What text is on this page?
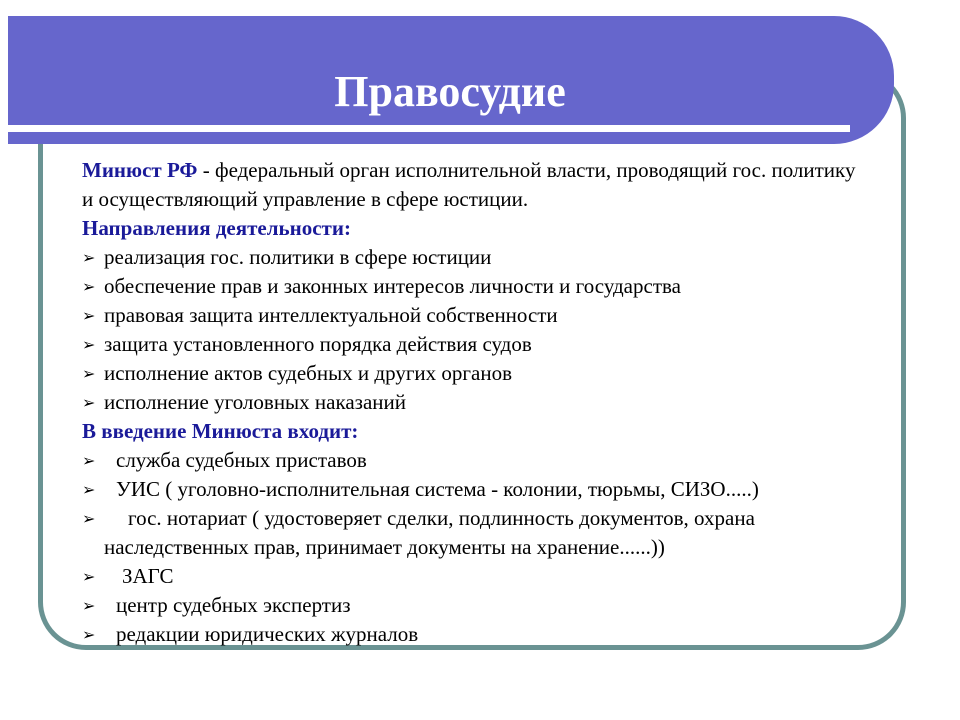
Правосудие

Минюст РФ - федеральный орган исполнительной власти, проводящий гос. политику и осуществляющий управление в сфере юстиции.

Направления деятельности:

➢ реализация гос. политики в сфере юстиции
➢ обеспечение прав и законных интересов личности и государства
➢ правовая защита интеллектуальной собственности
➢ защита установленного порядка действия судов
➢ исполнение актов судебных и других органов
➢ исполнение уголовных наказаний

В введение Минюста входит:

➢ служба судебных приставов
➢ УИС ( уголовно-исполнительная система - колонии, тюрьмы, СИЗО.....)
➢ гос. нотариат ( удостоверяет сделки, подлинность документов, охрана наследственных прав, принимает документы на хранение......))
➢ ЗАГС
➢ центр судебных экспертиз
➢ редакции юридических журналов
